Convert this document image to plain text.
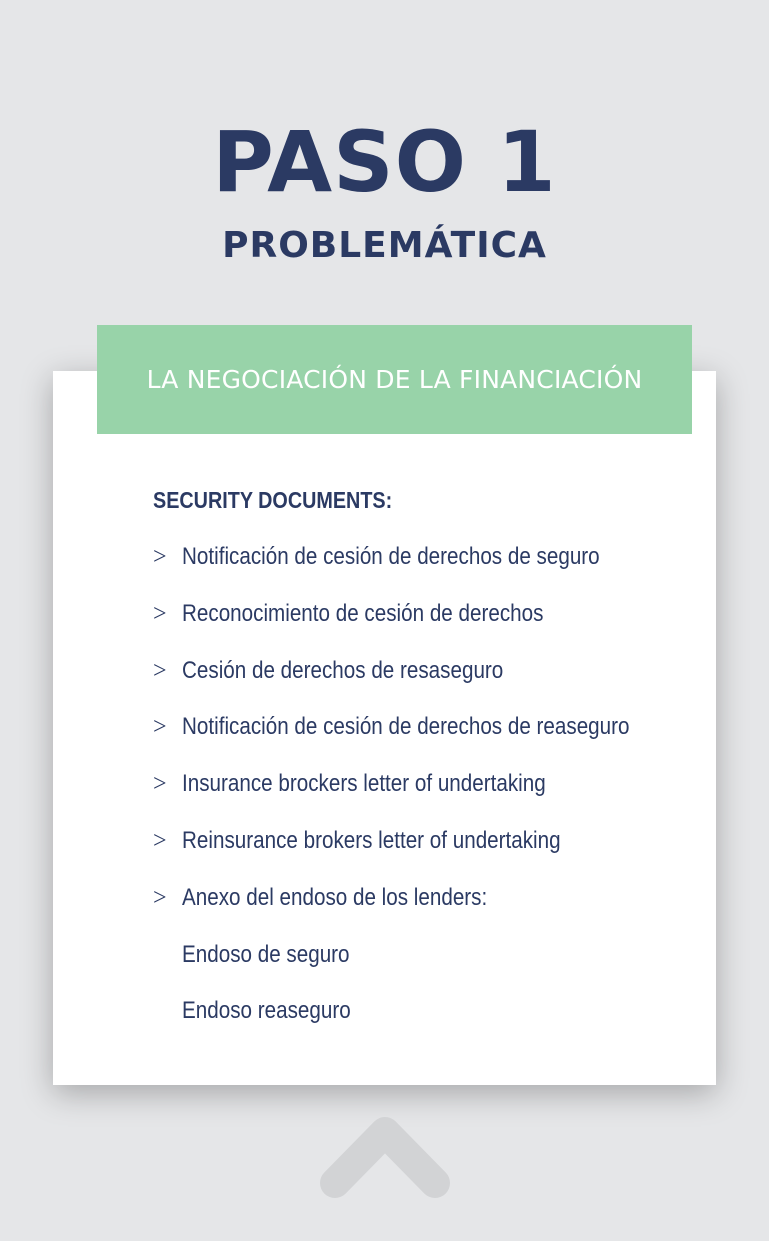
PASO 1
PROBLEMÁTICA
LA NEGOCIACIÓN DE LA FINANCIACIÓN
SECURITY DOCUMENTS:
> Notificación de cesión de derechos de seguro
> Reconocimiento de cesión de derechos
> Cesión de derechos de resaseguro
> Notificación de cesión de derechos de reaseguro
> Insurance brockers letter of undertaking
> Reinsurance brokers letter of undertaking
> Anexo del endoso de los lenders:
Endoso de seguro
Endoso reaseguro
